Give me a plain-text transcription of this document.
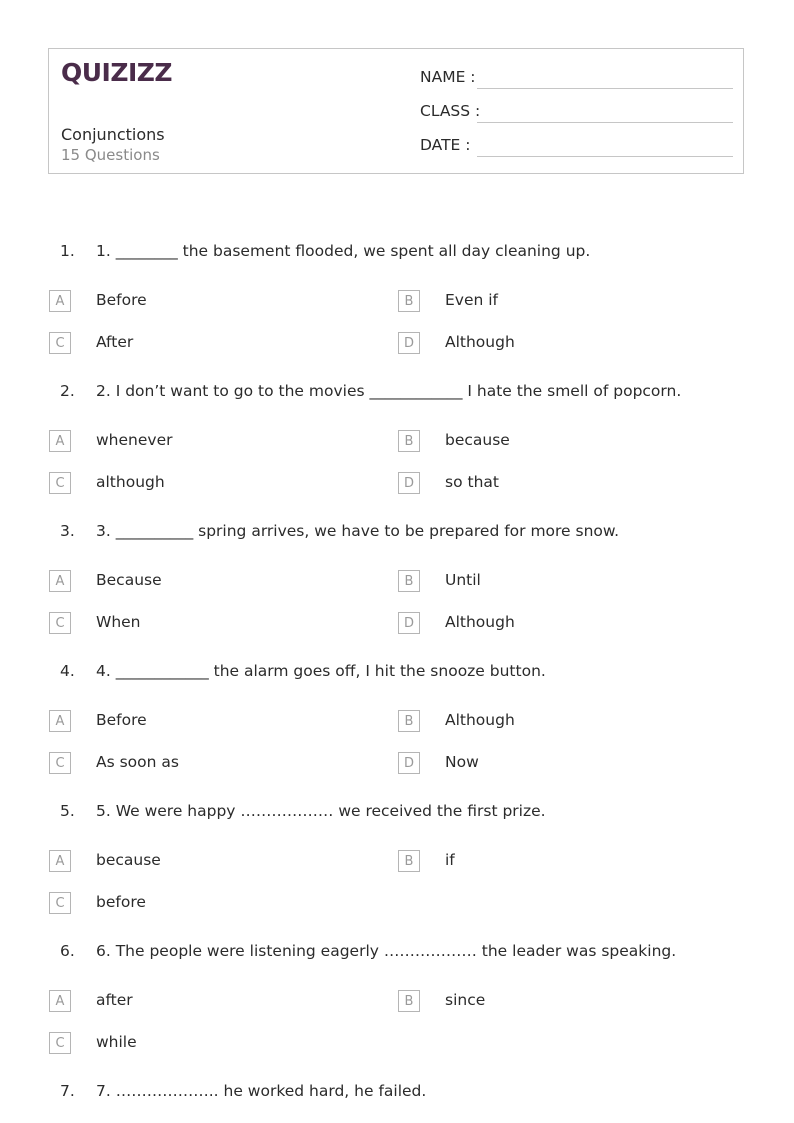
QUIZIZZ
Conjunctions
15 Questions
NAME :
CLASS :
DATE :
1. 1. ________ the basement flooded, we spent all day cleaning up.
A	Before	B	Even if
C	After	D	Although
2. 2. I don’t want to go to the movies ____________ I hate the smell of popcorn.
A	whenever	B	because
C	although	D	so that
3. 3. __________ spring arrives, we have to be prepared for more snow.
A	Because	B	Until
C	When	D	Although
4. 4. ____________ the alarm goes off, I hit the snooze button.
A	Before	B	Although
C	As soon as	D	Now
5. 5. We were happy ……………… we received the first prize.
A	because	B	if
C	before
6. 6. The people were listening eagerly ……………… the leader was speaking.
A	after	B	since
C	while
7. 7. ……………….. he worked hard, he failed.
